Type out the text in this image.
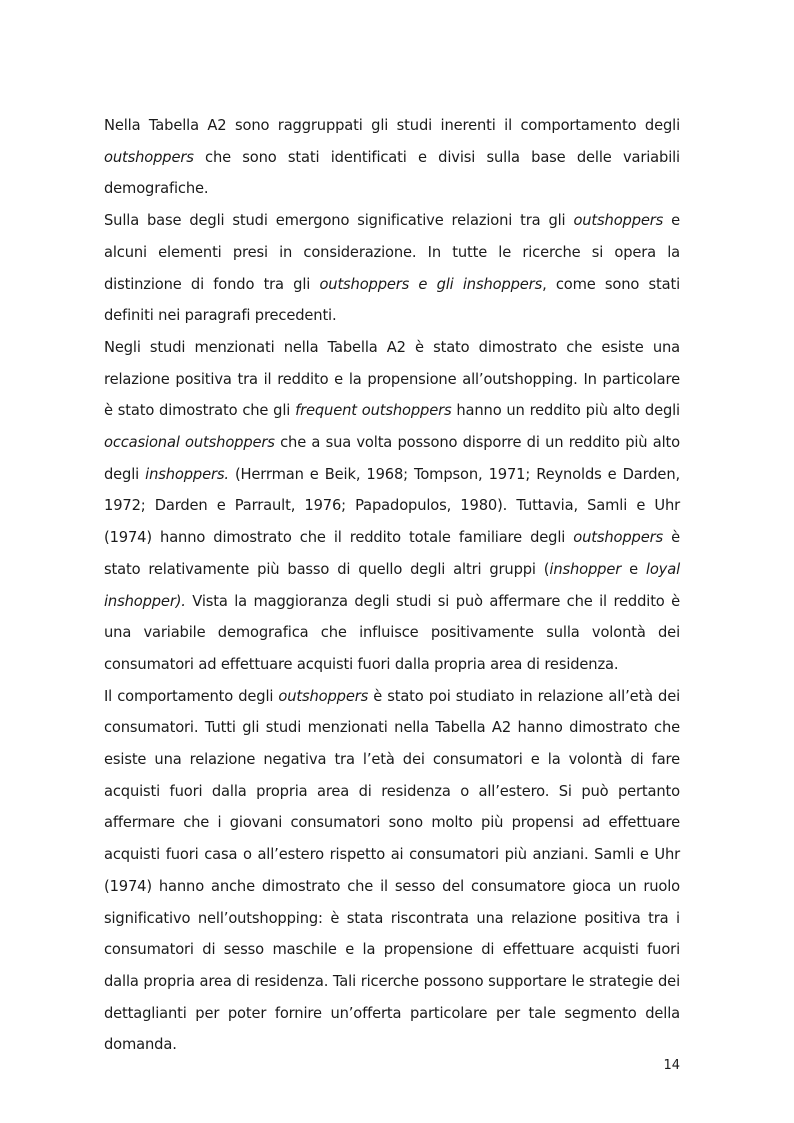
Nella Tabella A2 sono raggruppati gli studi inerenti il comportamento degli outshoppers che sono stati identificati e divisi sulla base delle variabili demografiche.

Sulla base degli studi emergono significative relazioni tra gli outshoppers e alcuni elementi presi in considerazione. In tutte le ricerche si opera la distinzione di fondo tra gli outshoppers e gli inshoppers, come sono stati definiti nei paragrafi precedenti.

Negli studi menzionati nella Tabella A2 è stato dimostrato che esiste una relazione positiva tra il reddito e la propensione all’outshopping. In particolare è stato dimostrato che gli frequent outshoppers hanno un reddito più alto degli occasional outshoppers che a sua volta possono disporre di un reddito più alto degli inshoppers. (Herrman e Beik, 1968; Tompson, 1971; Reynolds e Darden, 1972; Darden e Parrault, 1976; Papadopulos, 1980). Tuttavia, Samli e Uhr (1974) hanno dimostrato che il reddito totale familiare degli outshoppers è stato relativamente più basso di quello degli altri gruppi (inshopper e loyal inshopper). Vista la maggioranza degli studi si può affermare che il reddito è una variabile demografica che influisce positivamente sulla volontà dei consumatori ad effettuare acquisti fuori dalla propria area di residenza.

Il comportamento degli outshoppers è stato poi studiato in relazione all’età dei consumatori. Tutti gli studi menzionati nella Tabella A2 hanno dimostrato che esiste una relazione negativa tra l’età dei consumatori e la volontà di fare acquisti fuori dalla propria area di residenza o all’estero. Si può pertanto affermare che i giovani consumatori sono molto più propensi ad effettuare acquisti fuori casa o all’estero rispetto ai consumatori più anziani. Samli e Uhr (1974) hanno anche dimostrato che il sesso del consumatore gioca un ruolo significativo nell’outshopping: è stata riscontrata una relazione positiva tra i consumatori di sesso maschile e la propensione di effettuare acquisti fuori dalla propria area di residenza. Tali ricerche possono supportare le strategie dei dettaglianti per poter fornire un’offerta particolare per tale segmento della domanda.

14
